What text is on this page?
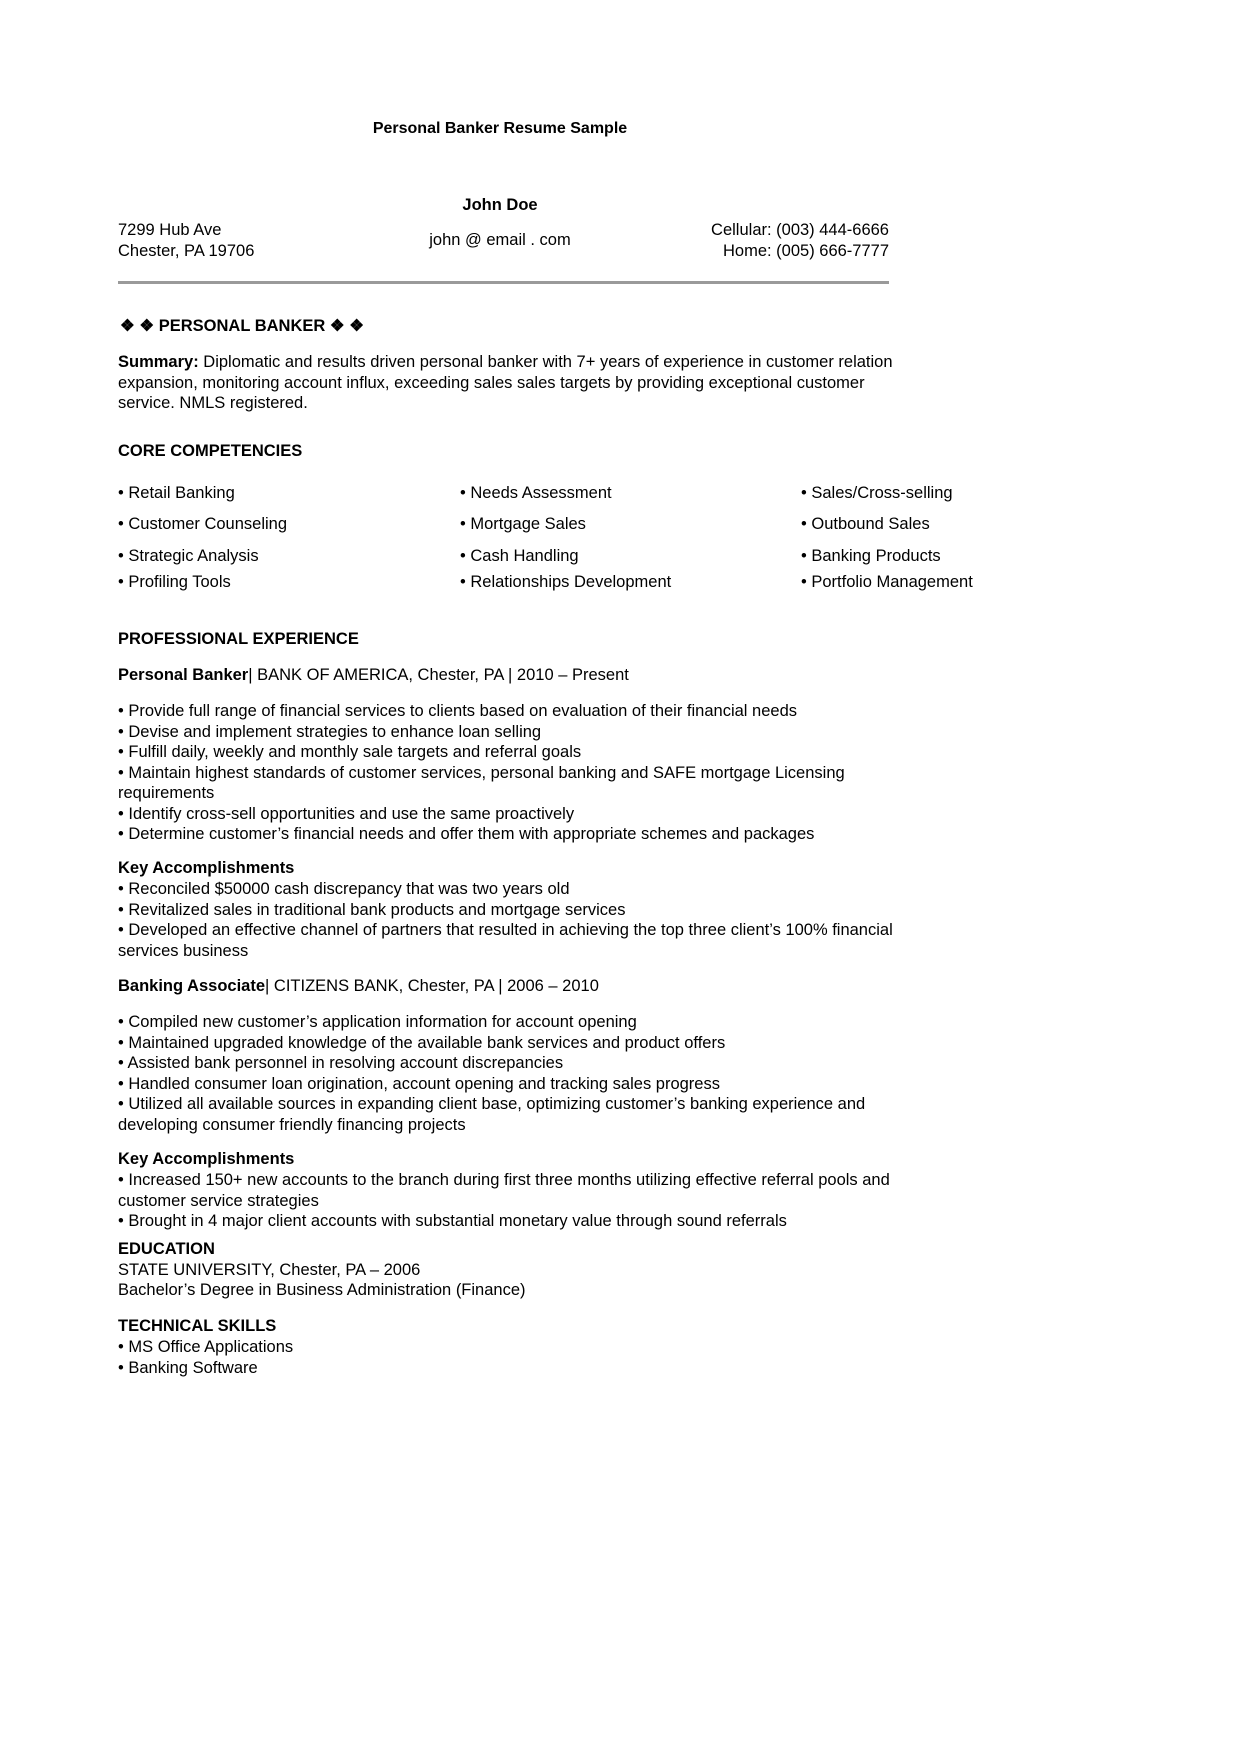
Personal Banker Resume Sample
John Doe
7299 Hub Ave
Chester, PA 19706
john @ email . com
Cellular: (003) 444-6666
Home: (005) 666-7777
❖ ❖ PERSONAL BANKER ❖ ❖
Summary: Diplomatic and results driven personal banker with 7+ years of experience in customer relation expansion, monitoring account influx, exceeding sales sales targets by providing exceptional customer service. NMLS registered.
CORE COMPETENCIES
• Retail Banking	• Needs Assessment	• Sales/Cross-selling
• Customer Counseling	• Mortgage Sales	• Outbound Sales
• Strategic Analysis	• Cash Handling	• Banking Products
• Profiling Tools	• Relationships Development	• Portfolio Management
PROFESSIONAL EXPERIENCE
Personal Banker| BANK OF AMERICA, Chester, PA | 2010 – Present
• Provide full range of financial services to clients based on evaluation of their financial needs
• Devise and implement strategies to enhance loan selling
• Fulfill daily, weekly and monthly sale targets and referral goals
• Maintain highest standards of customer services, personal banking and SAFE mortgage Licensing requirements
• Identify cross-sell opportunities and use the same proactively
• Determine customer’s financial needs and offer them with appropriate schemes and packages
Key Accomplishments
• Reconciled $50000 cash discrepancy that was two years old
• Revitalized sales in traditional bank products and mortgage services
• Developed an effective channel of partners that resulted in achieving the top three client’s 100% financial services business
Banking Associate| CITIZENS BANK, Chester, PA | 2006 – 2010
• Compiled new customer’s application information for account opening
• Maintained upgraded knowledge of the available bank services and product offers
• Assisted bank personnel in resolving account discrepancies
• Handled consumer loan origination, account opening and tracking sales progress
• Utilized all available sources in expanding client base, optimizing customer’s banking experience and developing consumer friendly financing projects
Key Accomplishments
• Increased 150+ new accounts to the branch during first three months utilizing effective referral pools and customer service strategies
• Brought in 4 major client accounts with substantial monetary value through sound referrals
EDUCATION
STATE UNIVERSITY, Chester, PA – 2006
Bachelor’s Degree in Business Administration (Finance)
TECHNICAL SKILLS
• MS Office Applications
• Banking Software
